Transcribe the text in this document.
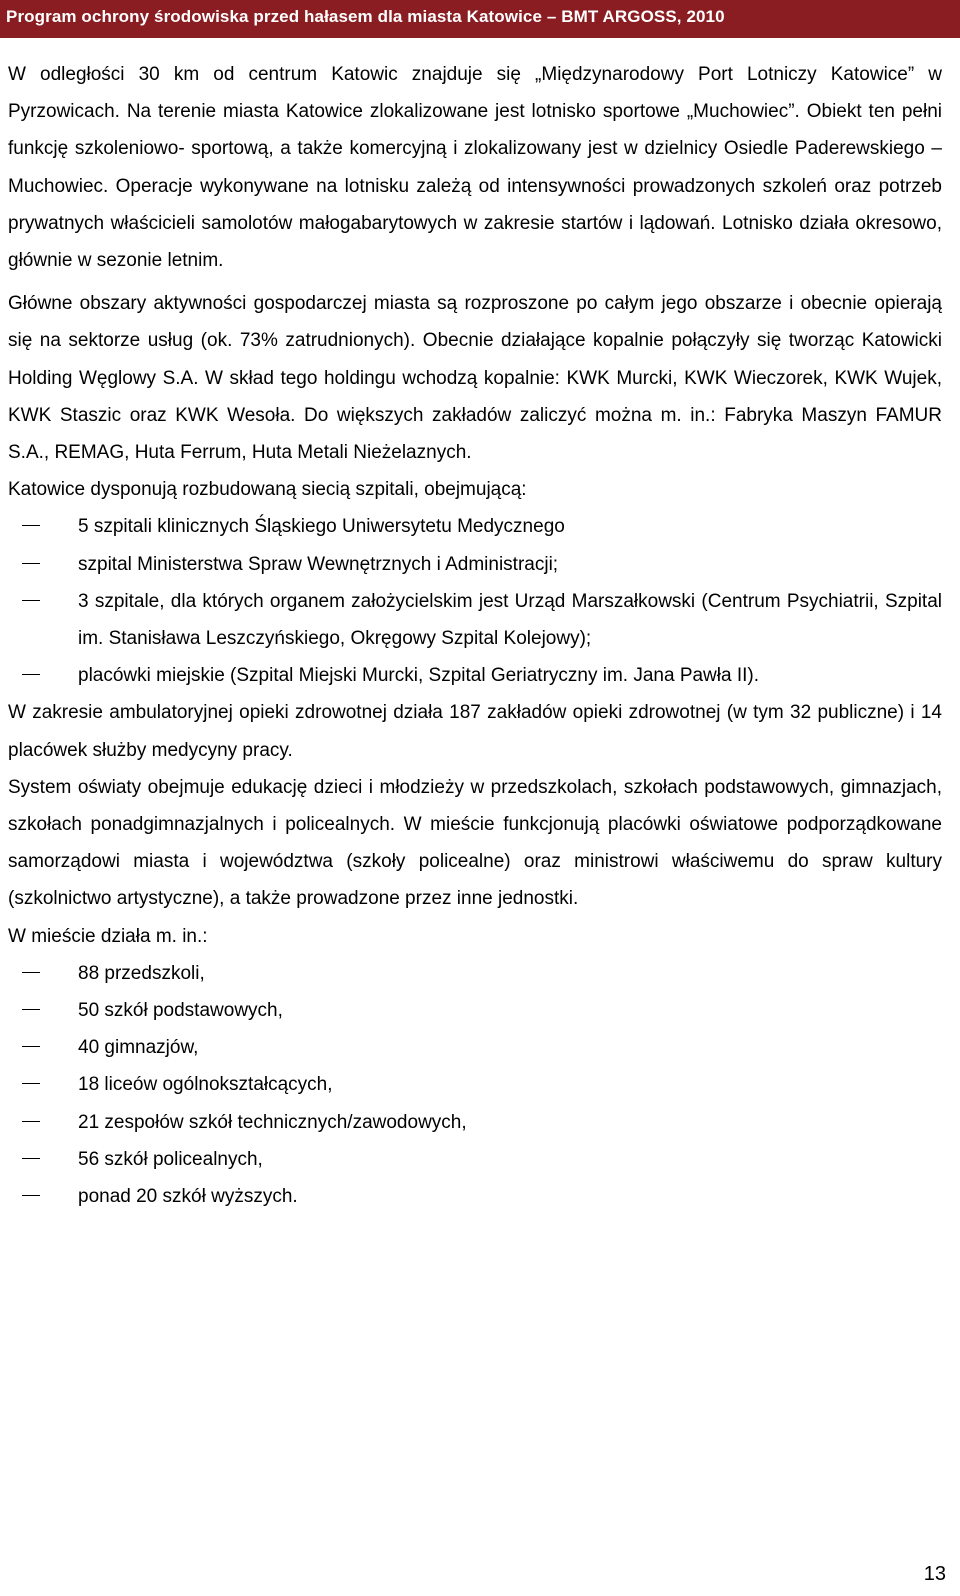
Program ochrony środowiska przed hałasem dla miasta Katowice – BMT ARGOSS, 2010

W odległości 30 km od centrum Katowic znajduje się „Międzynarodowy Port Lotniczy Katowice” w Pyrzowicach. Na terenie miasta Katowice zlokalizowane jest lotnisko sportowe „Muchowiec”. Obiekt ten pełni funkcję szkoleniowo- sportową, a także komercyjną i zlokalizowany jest w dzielnicy Osiedle Paderewskiego – Muchowiec. Operacje wykonywane na lotnisku zależą od intensywności prowadzonych szkoleń oraz potrzeb prywatnych właścicieli samolotów małogabarytowych w zakresie startów i lądowań. Lotnisko działa okresowo, głównie w sezonie letnim.

Główne obszary aktywności gospodarczej miasta są rozproszone po całym jego obszarze i obecnie opierają się na sektorze usług (ok. 73% zatrudnionych). Obecnie działające kopalnie połączyły się tworząc Katowicki Holding Węglowy S.A. W skład tego holdingu wchodzą kopalnie: KWK Murcki, KWK Wieczorek, KWK Wujek, KWK Staszic oraz KWK Wesoła. Do większych zakładów zaliczyć można m. in.: Fabryka Maszyn FAMUR S.A., REMAG, Huta Ferrum, Huta Metali Nieżelaznych.

Katowice dysponują rozbudowaną siecią szpitali, obejmującą:

5 szpitali klinicznych Śląskiego Uniwersytetu Medycznego
szpital Ministerstwa Spraw Wewnętrznych i Administracji;
3 szpitale, dla których organem założycielskim jest Urząd Marszałkowski (Centrum Psychiatrii, Szpital im. Stanisława Leszczyńskiego, Okręgowy Szpital Kolejowy);
placówki miejskie (Szpital Miejski Murcki, Szpital Geriatryczny im. Jana Pawła II).

W zakresie ambulatoryjnej opieki zdrowotnej działa 187 zakładów opieki zdrowotnej (w tym 32 publiczne) i 14 placówek służby medycyny pracy.

System oświaty obejmuje edukację dzieci i młodzieży w przedszkolach, szkołach podstawowych, gimnazjach, szkołach ponadgimnazjalnych i policealnych. W mieście funkcjonują placówki oświatowe podporządkowane samorządowi miasta i województwa (szkoły policealne) oraz ministrowi właściwemu do spraw kultury (szkolnictwo artystyczne), a także prowadzone przez inne jednostki.

W mieście działa m. in.:

88 przedszkoli,
50 szkół podstawowych,
40 gimnazjów,
18 liceów ogólnokształcących,
21 zespołów szkół technicznych/zawodowych,
56 szkół policealnych,
ponad 20 szkół wyższych.
13
